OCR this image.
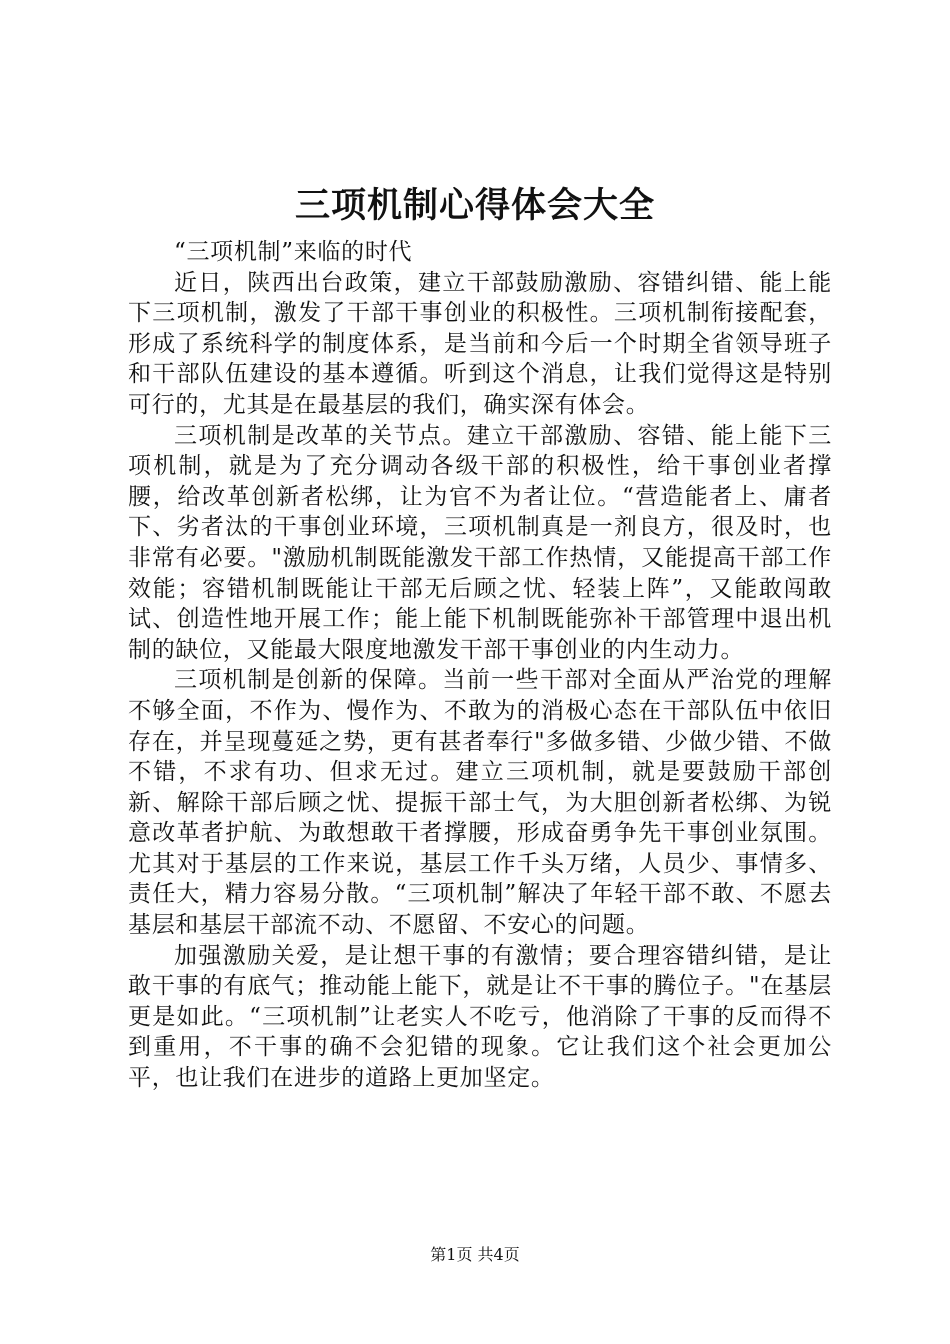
三项机制心得体会大全

“三项机制”来临的时代

近日，陕西出台政策，建立干部鼓励激励、容错纠错、能上能下三项机制，激发了干部干事创业的积极性。三项机制衔接配套，形成了系统科学的制度体系，是当前和今后一个时期全省领导班子和干部队伍建设的基本遵循。听到这个消息，让我们觉得这是特别可行的，尤其是在最基层的我们，确实深有体会。

三项机制是改革的关节点。建立干部激励、容错、能上能下三项机制，就是为了充分调动各级干部的积极性，给干事创业者撑腰，给改革创新者松绑，让为官不为者让位。“营造能者上、庸者下、劣者汰的干事创业环境，三项机制真是一剂良方，很及时，也非常有必要。"激励机制既能激发干部工作热情，又能提高干部工作效能；容错机制既能让干部无后顾之忧、轻装上阵”，又能敢闯敢试、创造性地开展工作；能上能下机制既能弥补干部管理中退出机制的缺位，又能最大限度地激发干部干事创业的内生动力。

三项机制是创新的保障。当前一些干部对全面从严治党的理解不够全面，不作为、慢作为、不敢为的消极心态在干部队伍中依旧存在，并呈现蔓延之势，更有甚者奉行"多做多错、少做少错、不做不错，不求有功、但求无过。建立三项机制，就是要鼓励干部创新、解除干部后顾之忧、提振干部士气，为大胆创新者松绑、为锐意改革者护航、为敢想敢干者撑腰，形成奋勇争先干事创业氛围。尤其对于基层的工作来说，基层工作千头万绪，人员少、事情多、责任大，精力容易分散。“三项机制”解决了年轻干部不敢、不愿去基层和基层干部流不动、不愿留、不安心的问题。

加强激励关爱，是让想干事的有激情；要合理容错纠错，是让敢干事的有底气；推动能上能下，就是让不干事的腾位子。"在基层更是如此。“三项机制”让老实人不吃亏，他消除了干事的反而得不到重用，不干事的确不会犯错的现象。它让我们这个社会更加公平，也让我们在进步的道路上更加坚定。

第1页 共4页
